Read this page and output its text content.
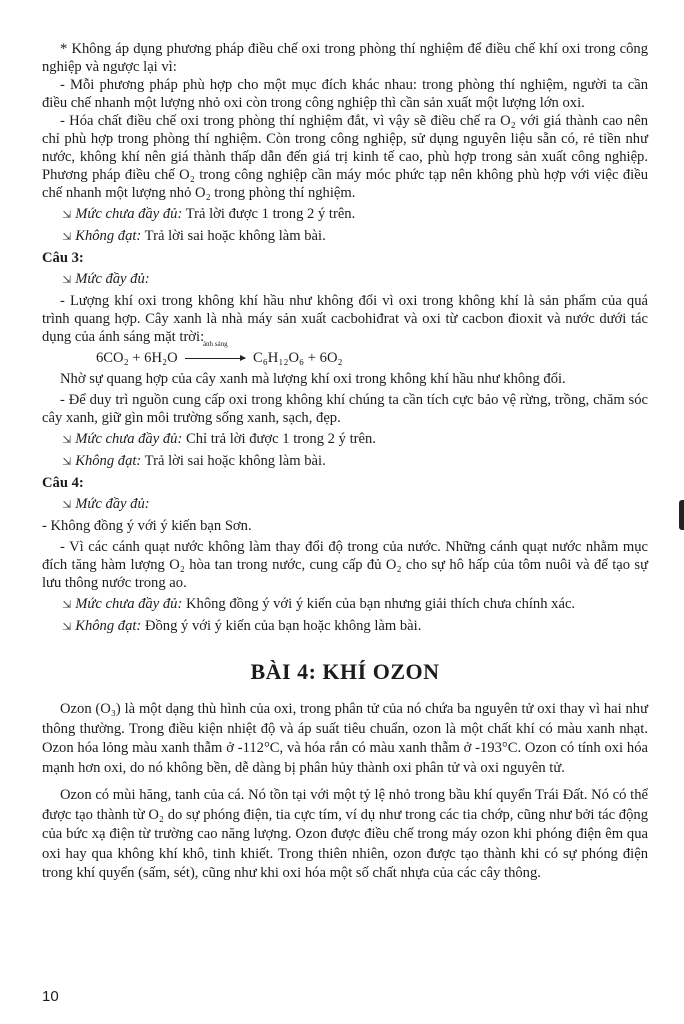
* Không áp dụng phương pháp điều chế oxi trong phòng thí nghiệm để điều chế khí oxi trong công nghiệp và ngược lại vì:

- Mỗi phương pháp phù hợp cho một mục đích khác nhau: trong phòng thí nghiệm, người ta cần điều chế nhanh một lượng nhỏ oxi còn trong công nghiệp thì cần sản xuất một lượng lớn oxi.

- Hóa chất điều chế oxi trong phòng thí nghiệm đắt, vì vậy sẽ điều chế ra O₂ với giá thành cao nên chỉ phù hợp trong phòng thí nghiệm. Còn trong công nghiệp, sử dụng nguyên liệu sẵn có, rẻ tiền như nước, không khí nên giá thành thấp dẫn đến giá trị kinh tế cao, phù hợp trong sản xuất công nghiệp. Phương pháp điều chế O₂ trong công nghiệp cần máy móc phức tạp nên không phù hợp với việc điều chế nhanh một lượng nhỏ O₂ trong phòng thí nghiệm.

⇲ Mức chưa đầy đủ: Trả lời được 1 trong 2 ý trên.

⇲ Không đạt: Trả lời sai hoặc không làm bài.

Câu 3:

⇲ Mức đầy đủ:

- Lượng khí oxi trong không khí hầu như không đổi vì oxi trong không khí là sản phẩm của quá trình quang hợp. Cây xanh là nhà máy sản xuất cacbohiđrat và oxi từ cacbon đioxit và nước dưới tác dụng của ánh sáng mặt trời:

6CO₂ + 6H₂O
ánh sáng
C₆H₁₂O₆ + 6O₂

Nhờ sự quang hợp của cây xanh mà lượng khí oxi trong không khí hầu như không đổi.

- Để duy trì nguồn cung cấp oxi trong không khí chúng ta cần tích cực bảo vệ rừng, trồng, chăm sóc cây xanh, giữ gìn môi trường sống xanh, sạch, đẹp.

⇲ Mức chưa đầy đủ: Chỉ trả lời được 1 trong 2 ý trên.

⇲ Không đạt: Trả lời sai hoặc không làm bài.

Câu 4:

⇲ Mức đầy đủ:

- Không đồng ý với ý kiến bạn Sơn.

- Vì các cánh quạt nước không làm thay đổi độ trong của nước. Những cánh quạt nước nhằm mục đích tăng hàm lượng O₂ hòa tan trong nước, cung cấp đủ O₂ cho sự hô hấp của tôm nuôi và để tạo sự lưu thông nước trong ao.

⇲ Mức chưa đầy đủ: Không đồng ý với ý kiến của bạn nhưng giải thích chưa chính xác.

⇲ Không đạt: Đồng ý với ý kiến của bạn hoặc không làm bài.

BÀI 4: KHÍ OZON

Ozon (O₃) là một dạng thù hình của oxi, trong phân tử của nó chứa ba nguyên tử oxi thay vì hai như thông thường. Trong điều kiện nhiệt độ và áp suất tiêu chuẩn, ozon là một chất khí có màu xanh nhạt. Ozon hóa lỏng màu xanh thẫm ở -112°C, và hóa rắn có màu xanh thẫm ở -193°C. Ozon có tính oxi hóa mạnh hơn oxi, do nó không bền, dễ dàng bị phân hủy thành oxi phân tử và oxi nguyên tử.

Ozon có mùi hăng, tanh của cá. Nó tồn tại với một tỷ lệ nhỏ trong bầu khí quyển Trái Đất. Nó có thể được tạo thành từ O₂ do sự phóng điện, tia cực tím, ví dụ như trong các tia chớp, cũng như bởi tác động của bức xạ điện từ trường cao năng lượng. Ozon được điều chế trong máy ozon khi phóng điện êm qua oxi hay qua không khí khô, tinh khiết. Trong thiên nhiên, ozon được tạo thành khi có sự phóng điện trong khí quyển (sấm, sét), cũng như khi oxi hóa một số chất nhựa của các cây thông.

10
